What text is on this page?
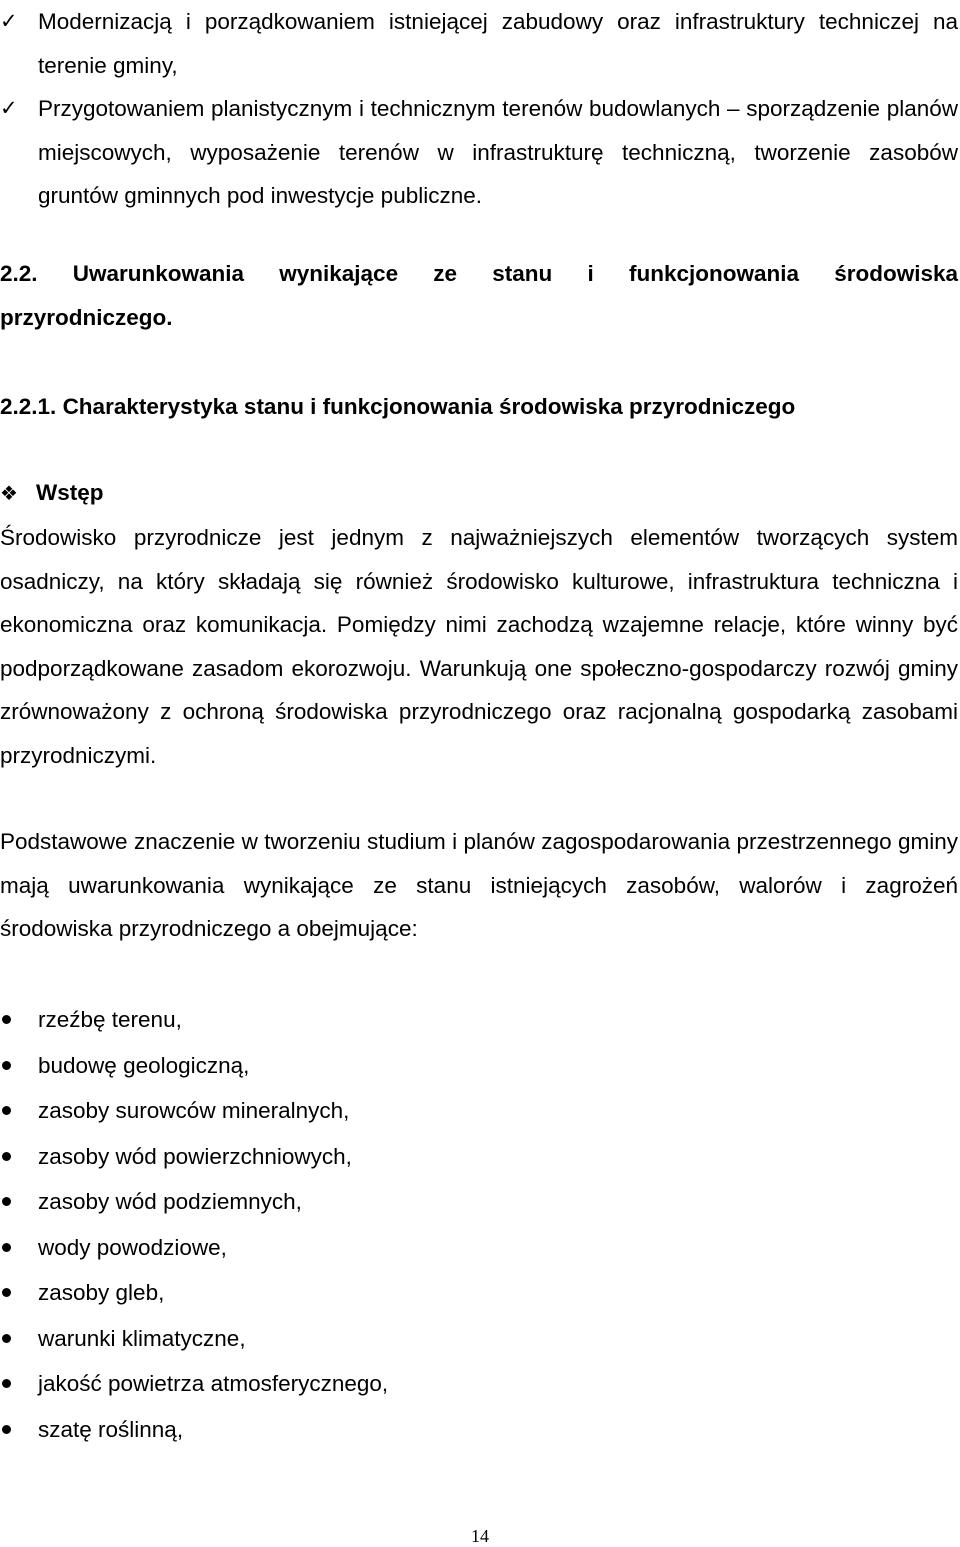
✓ Modernizacją i porządkowaniem istniejącej zabudowy oraz infrastruktury techniczej na terenie gminy,
✓ Przygotowaniem planistycznym i technicznym terenów budowlanych – sporządzenie planów miejscowych, wyposażenie terenów w infrastrukturę techniczną, tworzenie zasobów gruntów gminnych pod inwestycje publiczne.
2.2. Uwarunkowania wynikające ze stanu i funkcjonowania środowiska przyrodniczego.
2.2.1. Charakterystyka stanu i funkcjonowania środowiska przyrodniczego
❖ Wstęp

Środowisko przyrodnicze jest jednym z najważniejszych elementów tworzących system osadniczy, na który składają się również środowisko kulturowe, infrastruktura techniczna i ekonomiczna oraz komunikacja. Pomiędzy nimi zachodzą wzajemne relacje, które winny być podporządkowane zasadom ekorozwoju. Warunkują one społeczno-gospodarczy rozwój gminy zrównoważony z ochroną środowiska przyrodniczego oraz racjonalną gospodarką zasobami przyrodniczymi.

Podstawowe znaczenie w tworzeniu studium i planów zagospodarowania przestrzennego gminy mają uwarunkowania wynikające ze stanu istniejących zasobów, walorów i zagrożeń środowiska przyrodniczego a obejmujące:

rzeźbę terenu,
budowę geologiczną,
zasoby surowców mineralnych,
zasoby wód powierzchniowych,
zasoby wód podziemnych,
wody powodziowe,
zasoby gleb,
warunki klimatyczne,
jakość powietrza atmosferycznego,
szatę roślinną,
14
